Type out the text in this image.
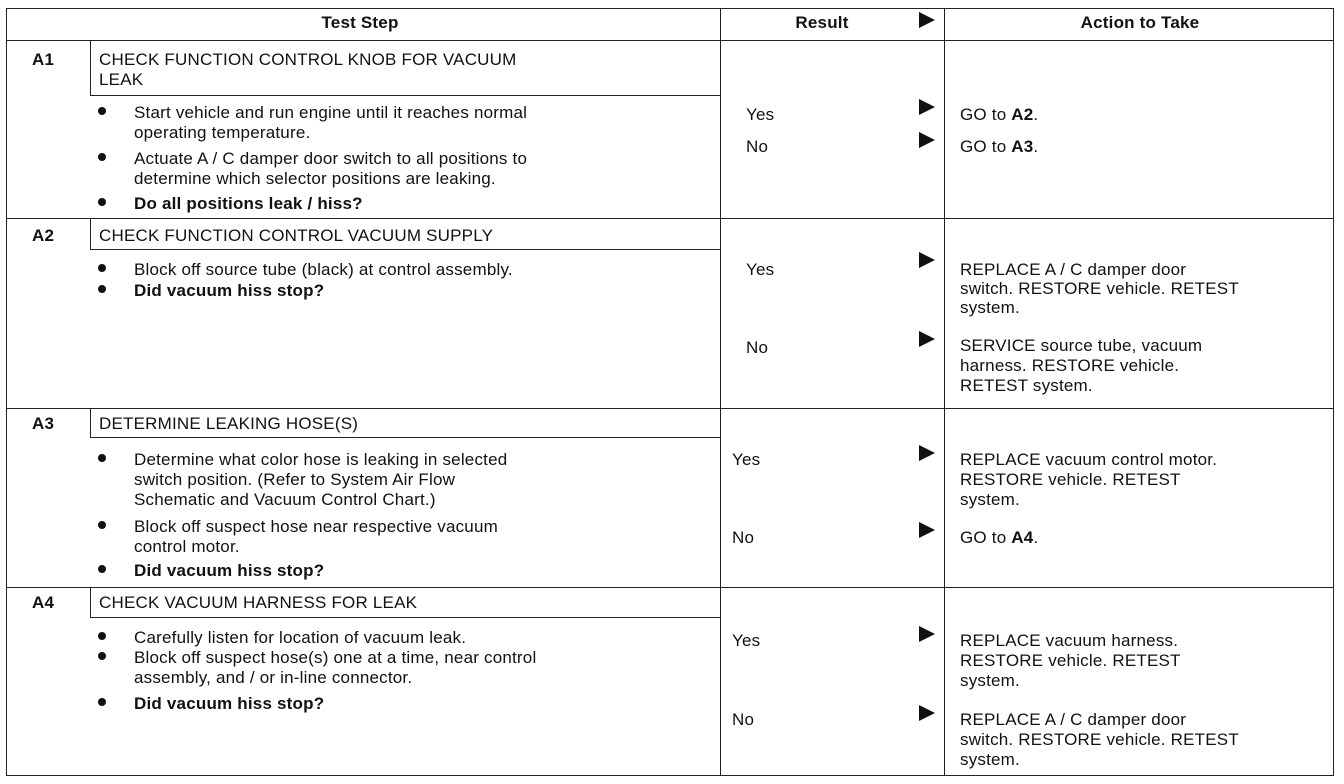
Test Step	Result	Action to Take
A1	CHECK FUNCTION CONTROL KNOB FOR VACUUM
LEAK
Start vehicle and run engine until it reaches normal
operating temperature.
Actuate A / C damper door switch to all positions to
determine which selector positions are leaking.
Do all positions leak / hiss?
Yes	GO to A2.
No	GO to A3.
A2	CHECK FUNCTION CONTROL VACUUM SUPPLY
Block off source tube (black) at control assembly.
Did vacuum hiss stop?
Yes	REPLACE A / C damper door
switch. RESTORE vehicle. RETEST
system.
No	SERVICE source tube, vacuum
harness. RESTORE vehicle.
RETEST system.
A3	DETERMINE LEAKING HOSE(S)
Determine what color hose is leaking in selected
switch position. (Refer to System Air Flow
Schematic and Vacuum Control Chart.)
Block off suspect hose near respective vacuum
control motor.
Did vacuum hiss stop?
Yes	REPLACE vacuum control motor.
RESTORE vehicle. RETEST
system.
No	GO to A4.
A4	CHECK VACUUM HARNESS FOR LEAK
Carefully listen for location of vacuum leak.
Block off suspect hose(s) one at a time, near control
assembly, and / or in-line connector.
Did vacuum hiss stop?
Yes	REPLACE vacuum harness.
RESTORE vehicle. RETEST
system.
No	REPLACE A / C damper door
switch. RESTORE vehicle. RETEST
system.
